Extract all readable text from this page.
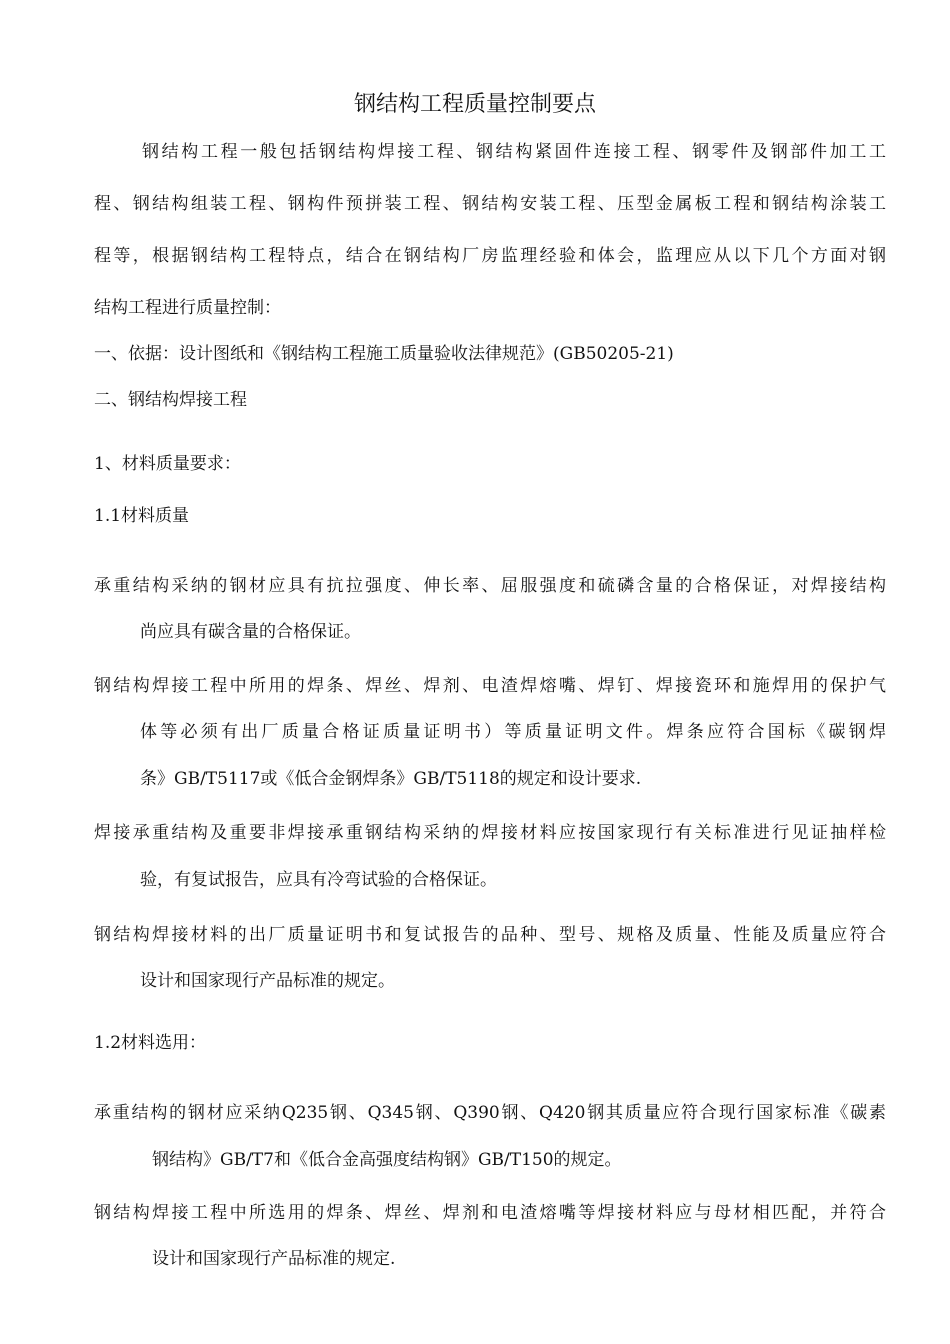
钢结构工程质量控制要点
钢结构工程一般包括钢结构焊接工程、钢结构紧固件连接工程、钢零件及钢部件加工工
程、钢结构组装工程、钢构件预拼装工程、钢结构安装工程、压型金属板工程和钢结构涂装工
程等，根据钢结构工程特点，结合在钢结构厂房监理经验和体会，监理应从以下几个方面对钢
结构工程进行质量控制：
一、依据：设计图纸和《钢结构工程施工质量验收法律规范》(GB50205-21)
二、钢结构焊接工程
1、材料质量要求：
1.1材料质量
承重结构采纳的钢材应具有抗拉强度、伸长率、屈服强度和硫磷含量的合格保证，对焊接结构
尚应具有碳含量的合格保证。
钢结构焊接工程中所用的焊条、焊丝、焊剂、电渣焊熔嘴、焊钉、焊接瓷环和施焊用的保护气
体等必须有出厂质量合格证质量证明书）等质量证明文件。焊条应符合国标《碳钢焊
条》GB/T5117或《低合金钢焊条》GB/T5118的规定和设计要求.
焊接承重结构及重要非焊接承重钢结构采纳的焊接材料应按国家现行有关标准进行见证抽样检
验，有复试报告，应具有冷弯试验的合格保证。
钢结构焊接材料的出厂质量证明书和复试报告的品种、型号、规格及质量、性能及质量应符合
设计和国家现行产品标准的规定。
1.2材料选用：
承重结构的钢材应采纳Q235钢、Q345钢、Q390钢、Q420钢其质量应符合现行国家标准《碳素
钢结构》GB/T7和《低合金高强度结构钢》GB/T150的规定。
钢结构焊接工程中所选用的焊条、焊丝、焊剂和电渣熔嘴等焊接材料应与母材相匹配，并符合
设计和国家现行产品标准的规定.
